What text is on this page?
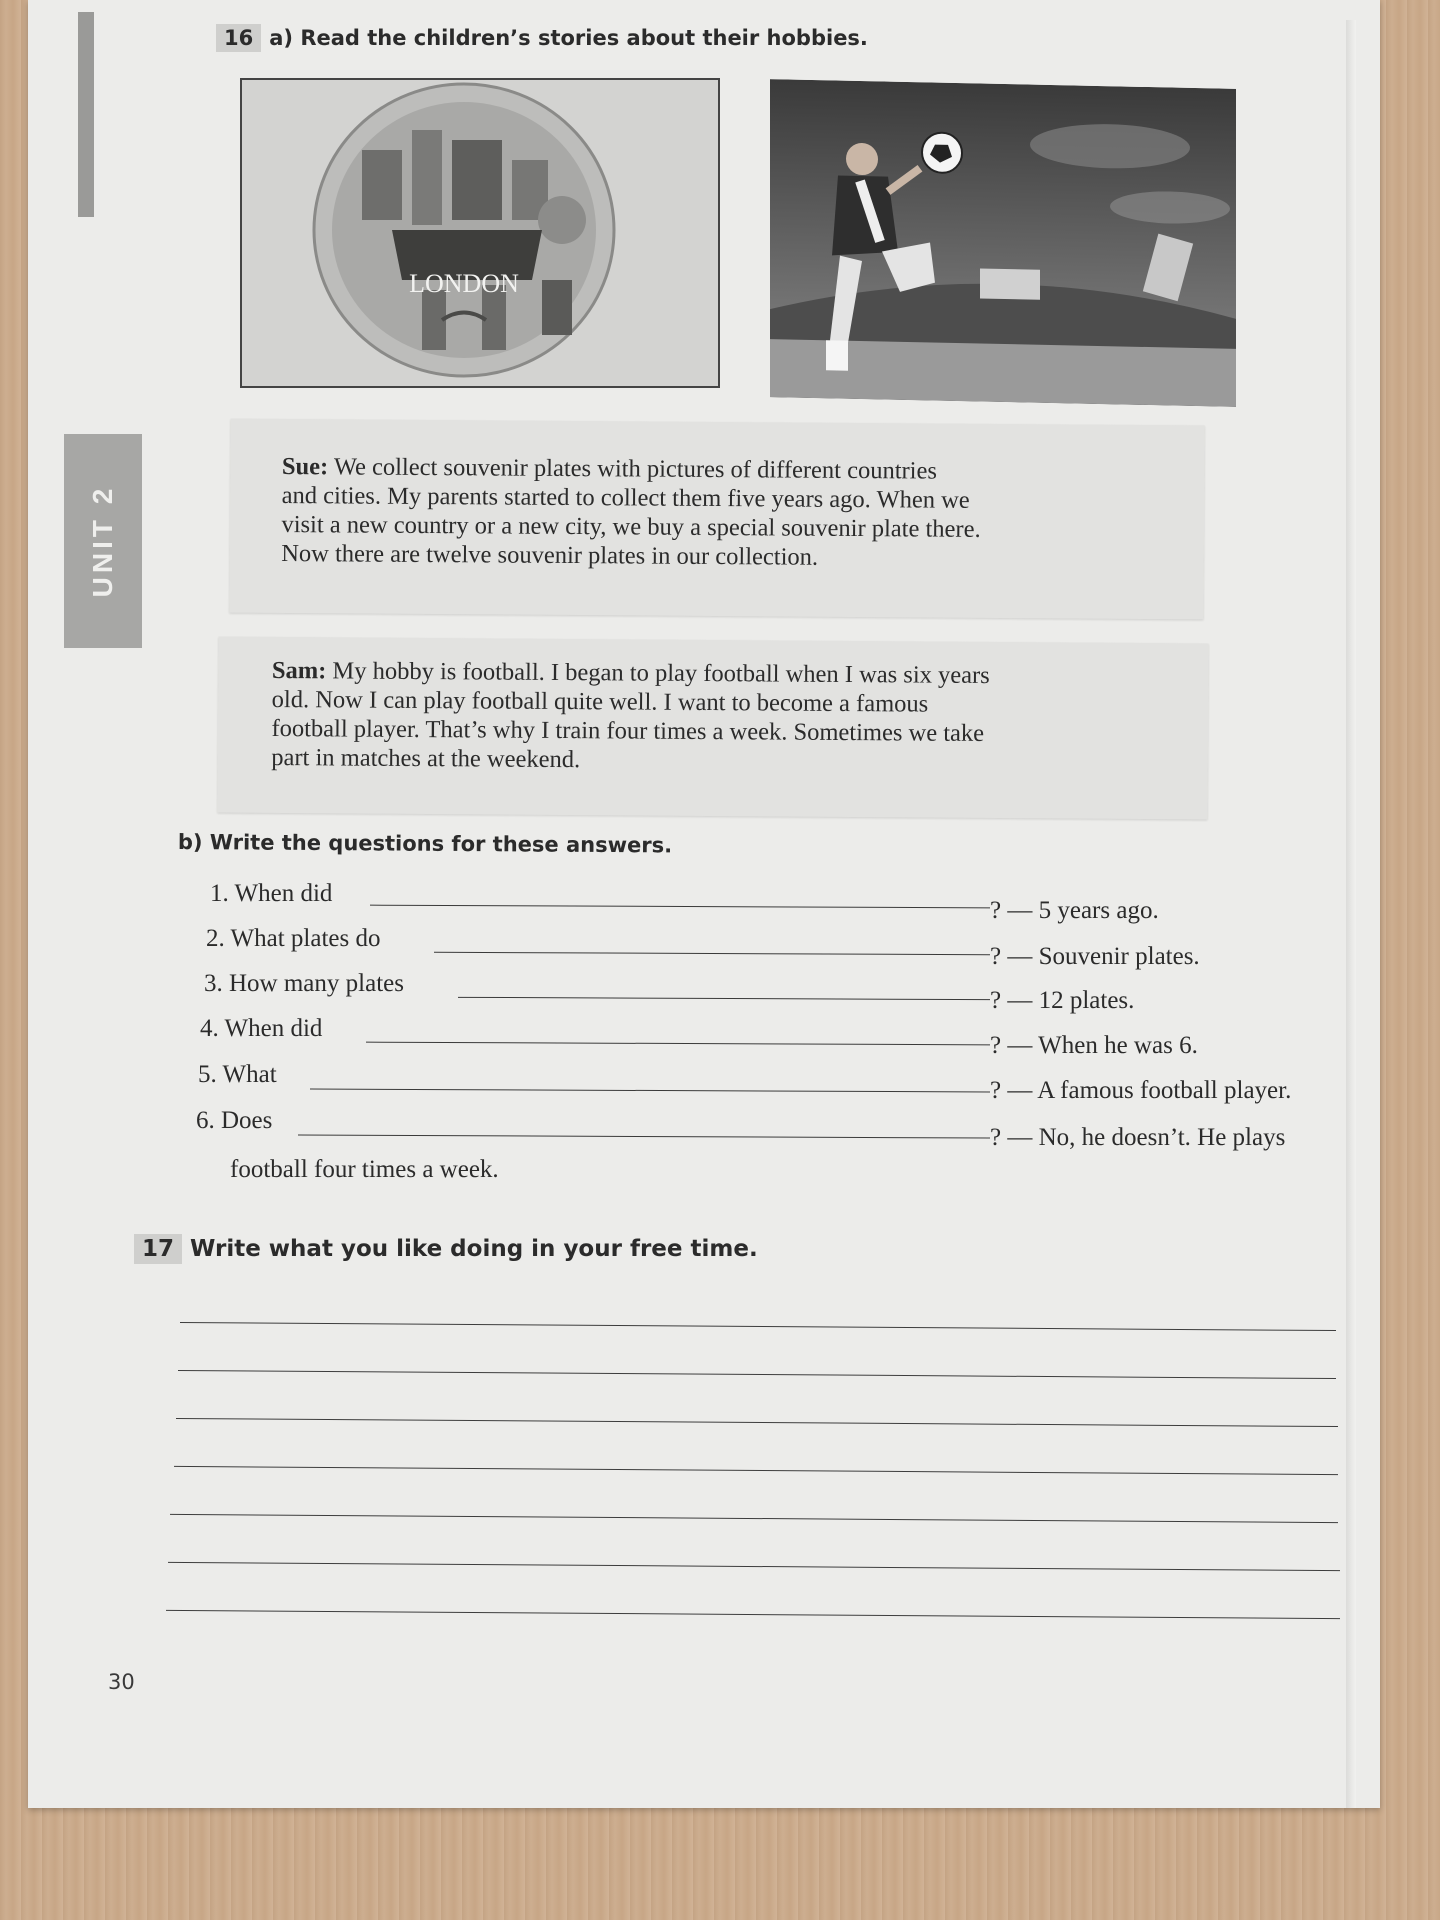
UNIT 2
16 a) Read the children’s stories about their hobbies.
LONDON
Sue: We collect souvenir plates with pictures of different countries
and cities. My parents started to collect them five years ago. When we
visit a new country or a new city, we buy a special souvenir plate there.
Now there are twelve souvenir plates in our collection.
Sam: My hobby is football. I began to play football when I was six years
old. Now I can play football quite well. I want to become a famous
football player. That’s why I train four times a week. Sometimes we take
part in matches at the weekend.
b) Write the questions for these answers.
1. When did
? — 5 years ago.
2. What plates do
? — Souvenir plates.
3. How many plates
? — 12 plates.
4. When did
? — When he was 6.
5. What
? — A famous football player.
6. Does
? — No, he doesn’t. He plays
football four times a week.
17 Write what you like doing in your free time.
30
